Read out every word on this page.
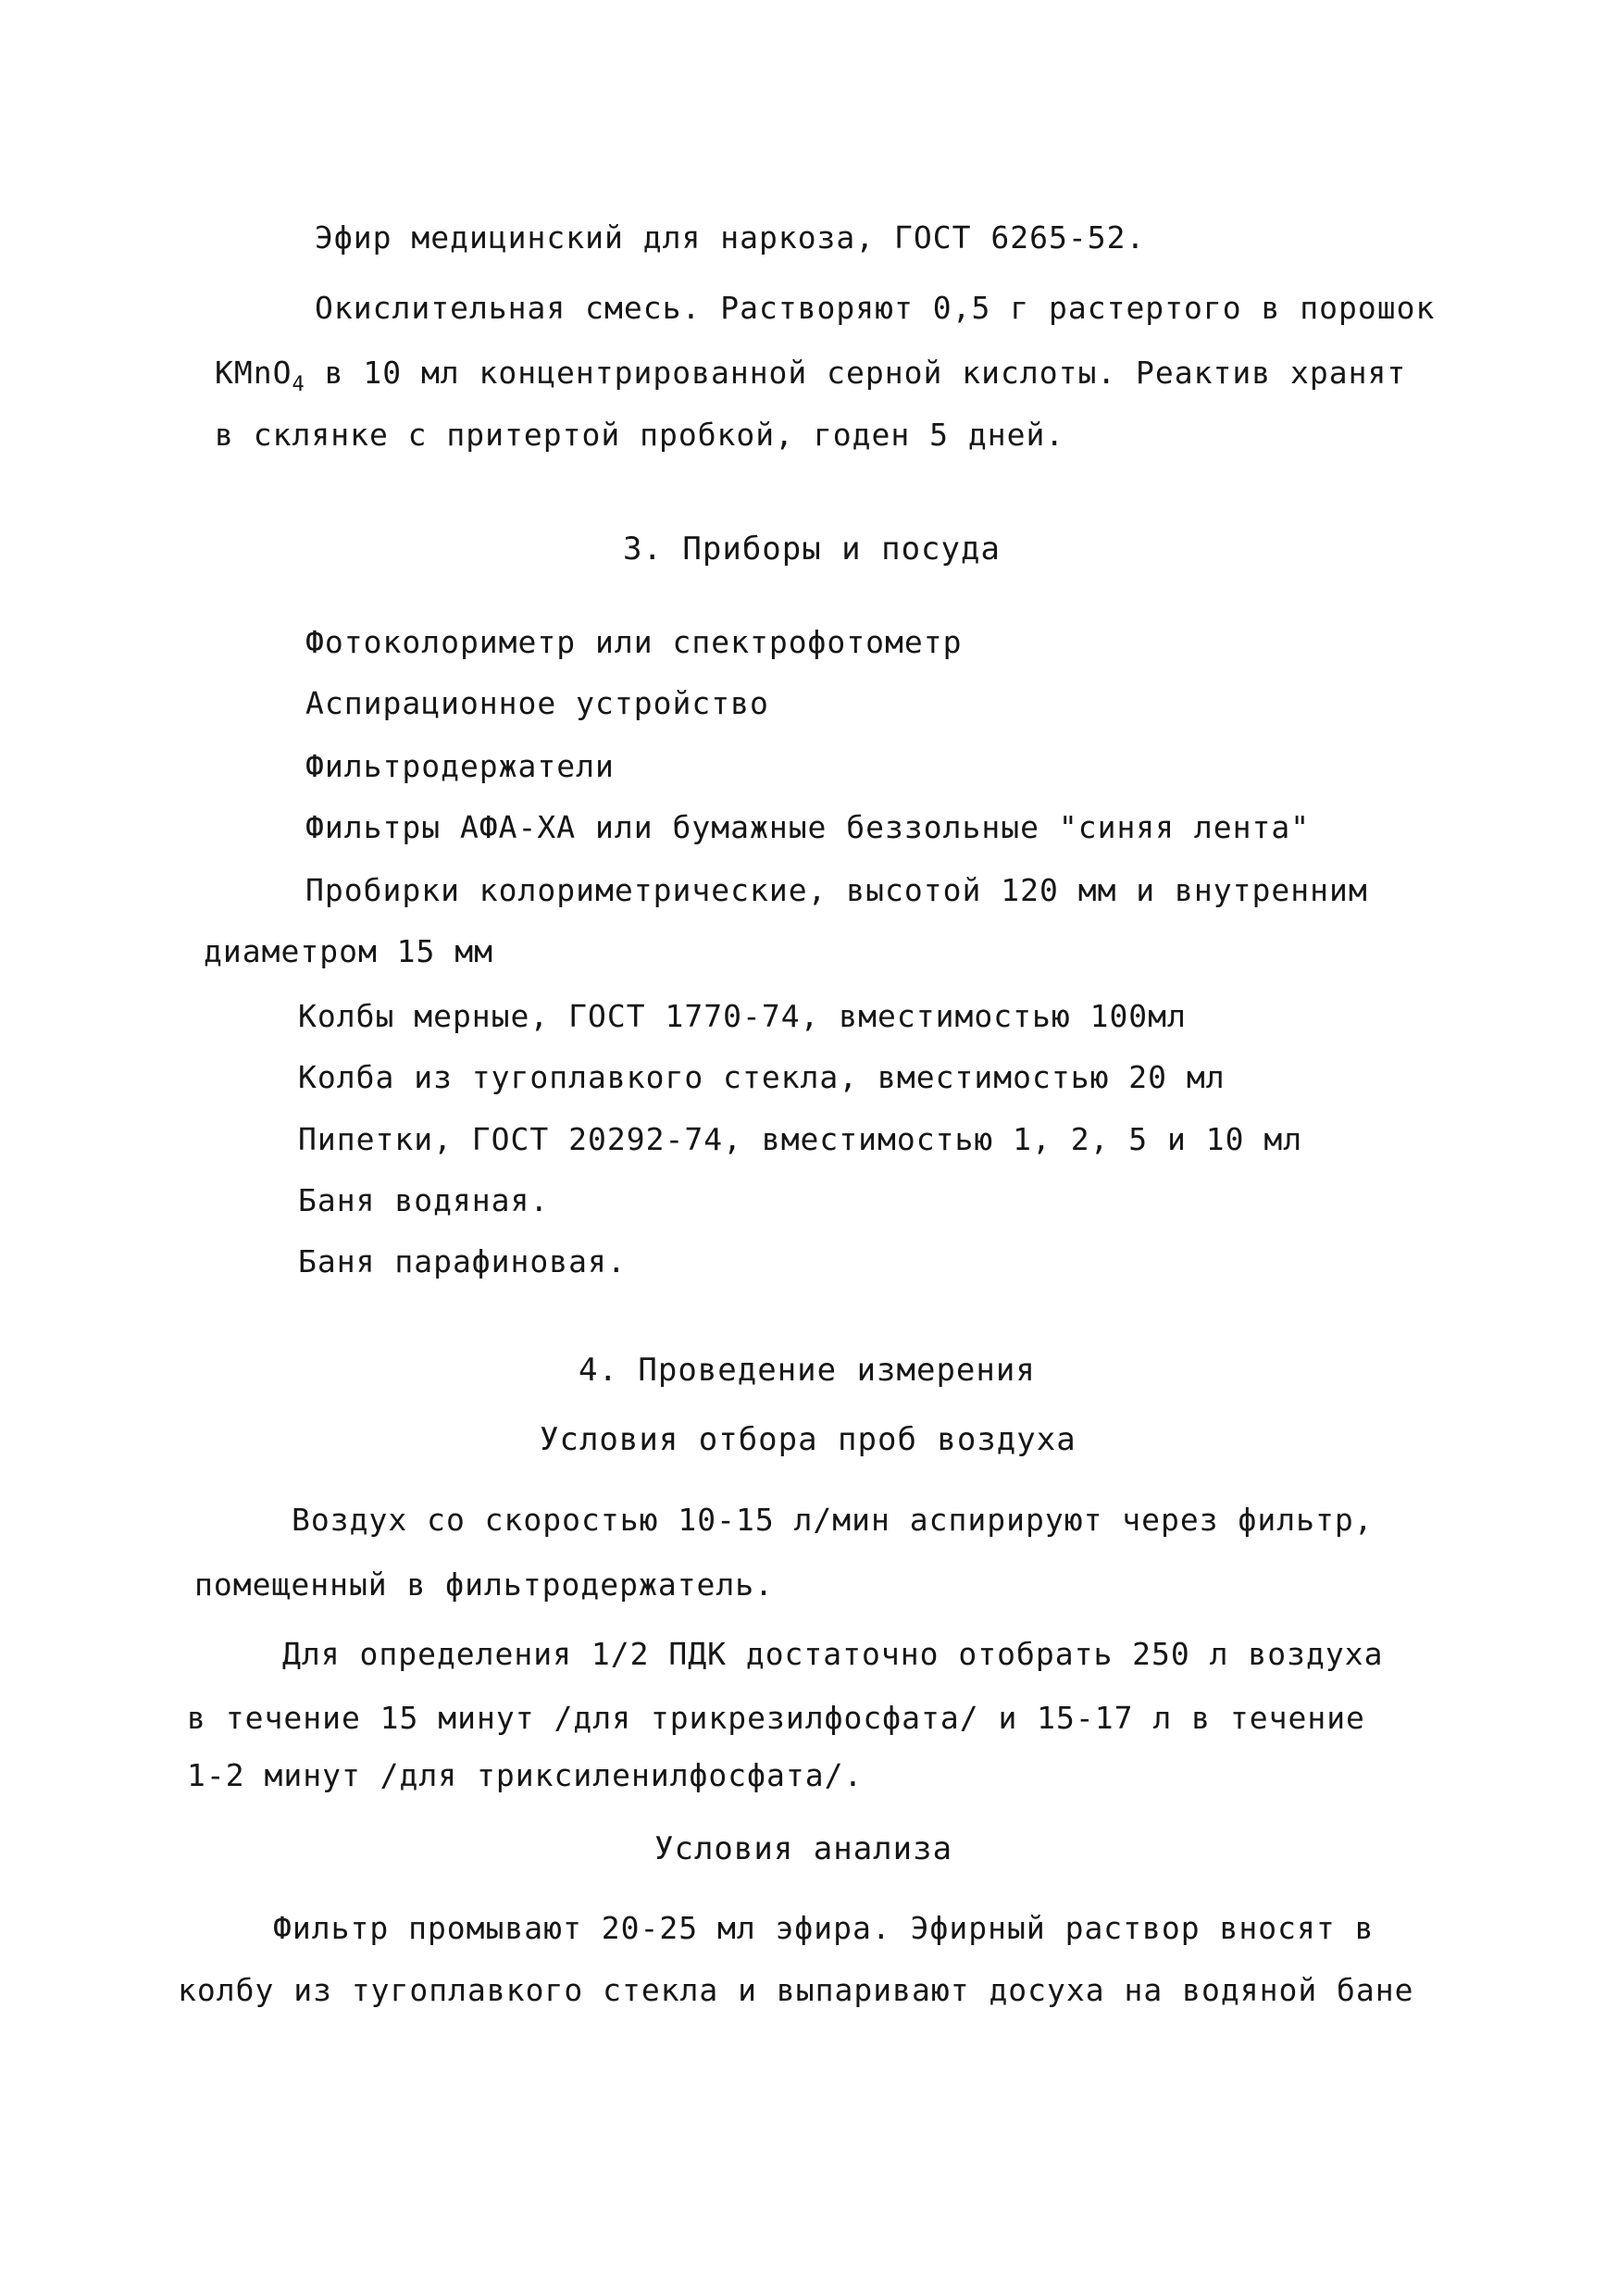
Эфир медицинский для наркоза, ГОСТ 6265-52.
Окислительная смесь. Растворяют 0,5 г растертого в порошок
KMnO$_4$ в 10 мл концентрированной серной кислоты. Реактив хранят
в склянке с притертой пробкой, годен 5 дней.
3. Приборы и посуда
Фотоколориметр или спектрофотометр
Аспирационное устройство
Фильтродержатели
Фильтры АФА-ХА или бумажные беззольные "синяя лента"
Пробирки колориметрические, высотой 120 мм и внутренним
диаметром 15 мм
Колбы мерные, ГОСТ 1770-74, вместимостью 100мл
Колба из тугоплавкого стекла, вместимостью 20 мл
Пипетки, ГОСТ 20292-74, вместимостью 1, 2, 5 и 10 мл
Баня водяная.
Баня парафиновая.
4. Проведение измерения
Условия отбора проб воздуха
Воздух со скоростью 10-15 л/мин аспирируют через фильтр,
помещенный в фильтродержатель.
Для определения 1/2 ПДК достаточно отобрать 250 л воздуха
в течение 15 минут /для трикрезилфосфата/ и 15-17 л в течение
1-2 минут /для триксиленилфосфата/.
Условия анализа
Фильтр промывают 20-25 мл эфира. Эфирный раствор вносят в
колбу из тугоплавкого стекла и выпаривают досуха на водяной бане
